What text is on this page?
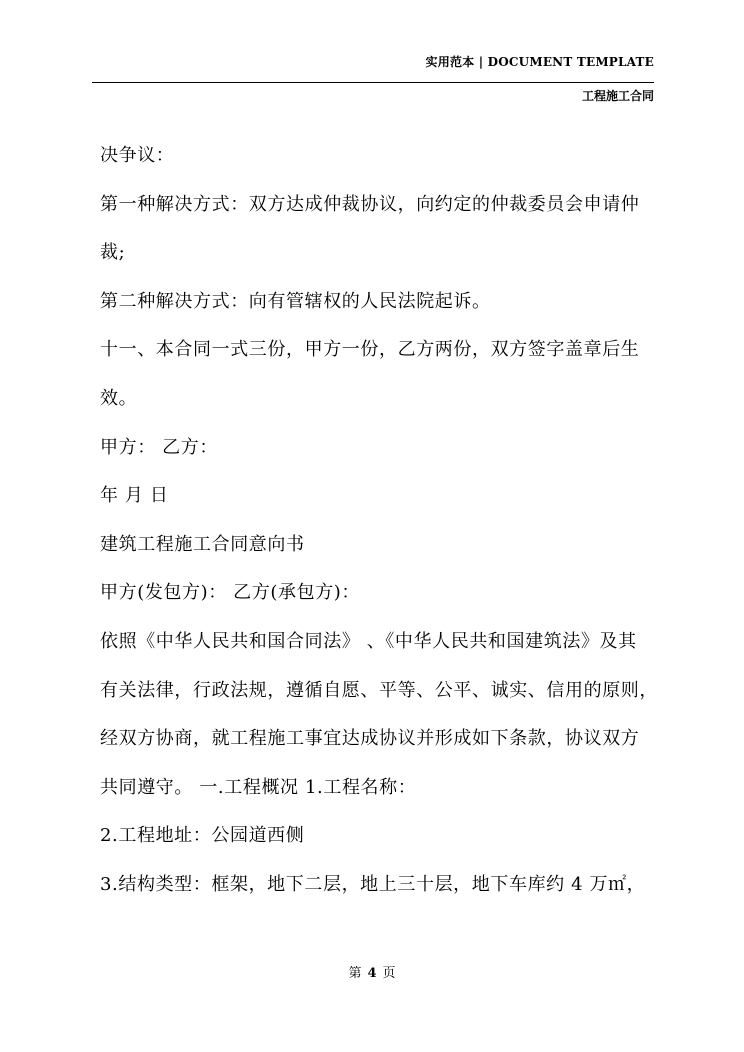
实用范本 | DOCUMENT TEMPLATE
工程施工合同
决争议：
第一种解决方式：双方达成仲裁协议，向约定的仲裁委员会申请仲
裁;
第二种解决方式：向有管辖权的人民法院起诉。
十一、本合同一式三份，甲方一份，乙方两份，双方签字盖章后生
效。
甲方： 乙方：
年 月 日
建筑工程施工合同意向书
甲方(发包方)： 乙方(承包方)：
依照《中华人民共和国合同法》 、《中华人民共和国建筑法》及其
有关法律，行政法规，遵循自愿、平等、公平、诚实、信用的原则，
经双方协商，就工程施工事宜达成协议并形成如下条款，协议双方
共同遵守。 一.工程概况 1.工程名称：
2.工程地址：公园道西侧
3.结构类型：框架，地下二层，地上三十层，地下车库约 4 万㎡，
第 4 页
